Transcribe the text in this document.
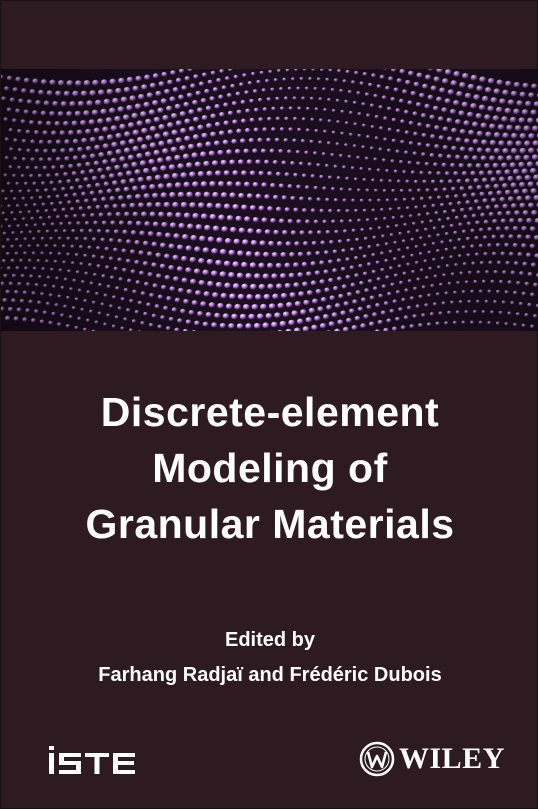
Discrete-element
Modeling of
Granular Materials
Edited by
Farhang Radjaï and Frédéric Dubois
WILEY
